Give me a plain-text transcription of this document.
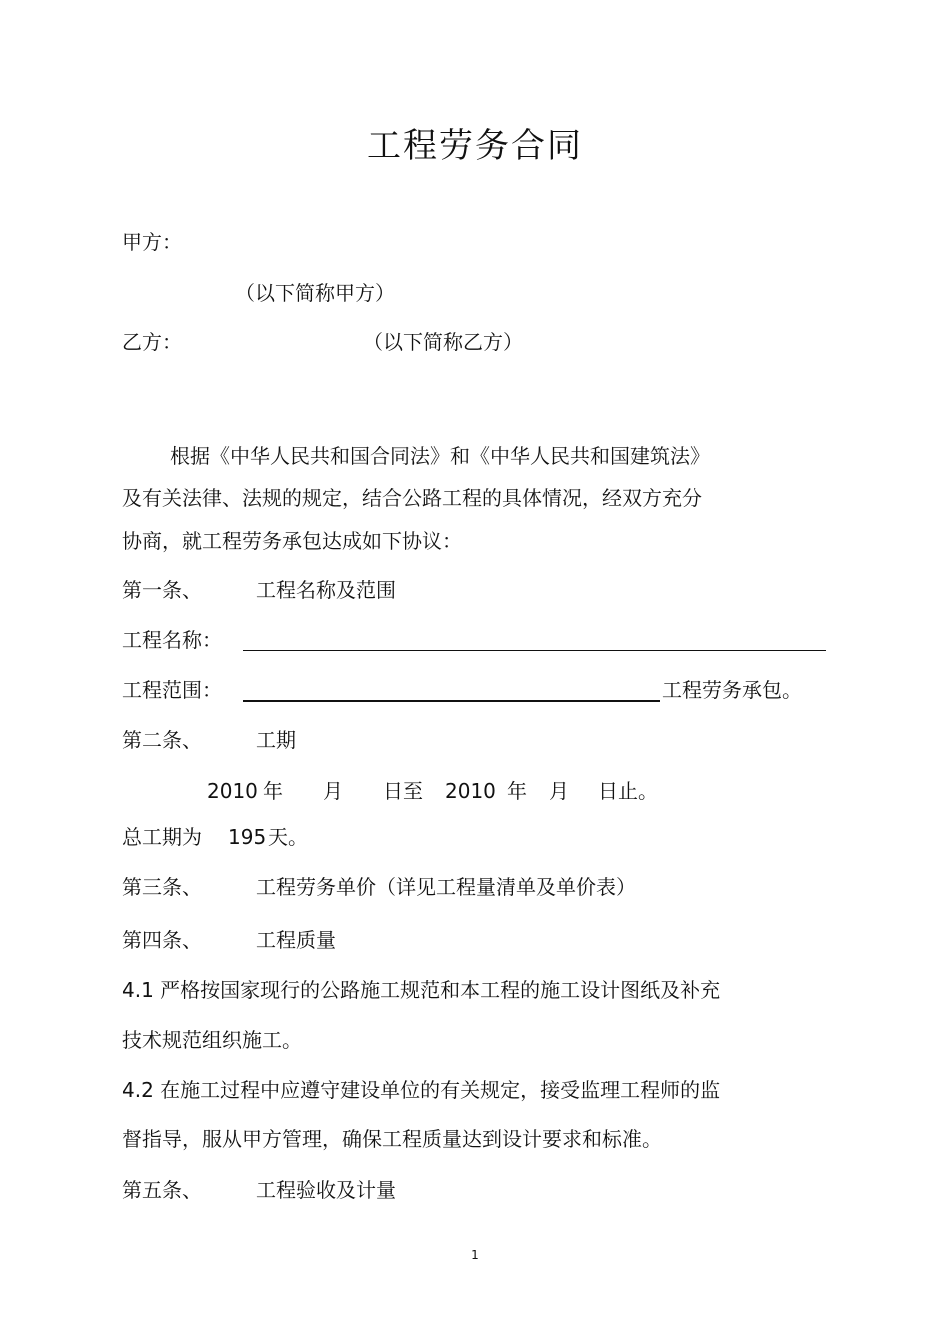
工程劳务合同
甲方：
（以下简称甲方）
乙方：	（以下简称乙方）
根据《中华人民共和国合同法》和《中华人民共和国建筑法》
及有关法律、法规的规定，结合公路工程的具体情况，经双方充分
协商，就工程劳务承包达成如下协议：
第一条、	工程名称及范围
工程名称：
工程范围：	工程劳务承包。
第二条、	工期
2010 年 月 日至 2010 年 月 日止。
总工期为 195 天。
第三条、	工程劳务单价（详见工程量清单及单价表）
第四条、	工程质量
4.1 严格按国家现行的公路施工规范和本工程的施工设计图纸及补充
技术规范组织施工。
4.2 在施工过程中应遵守建设单位的有关规定，接受监理工程师的监
督指导，服从甲方管理，确保工程质量达到设计要求和标准。
第五条、	工程验收及计量
1
